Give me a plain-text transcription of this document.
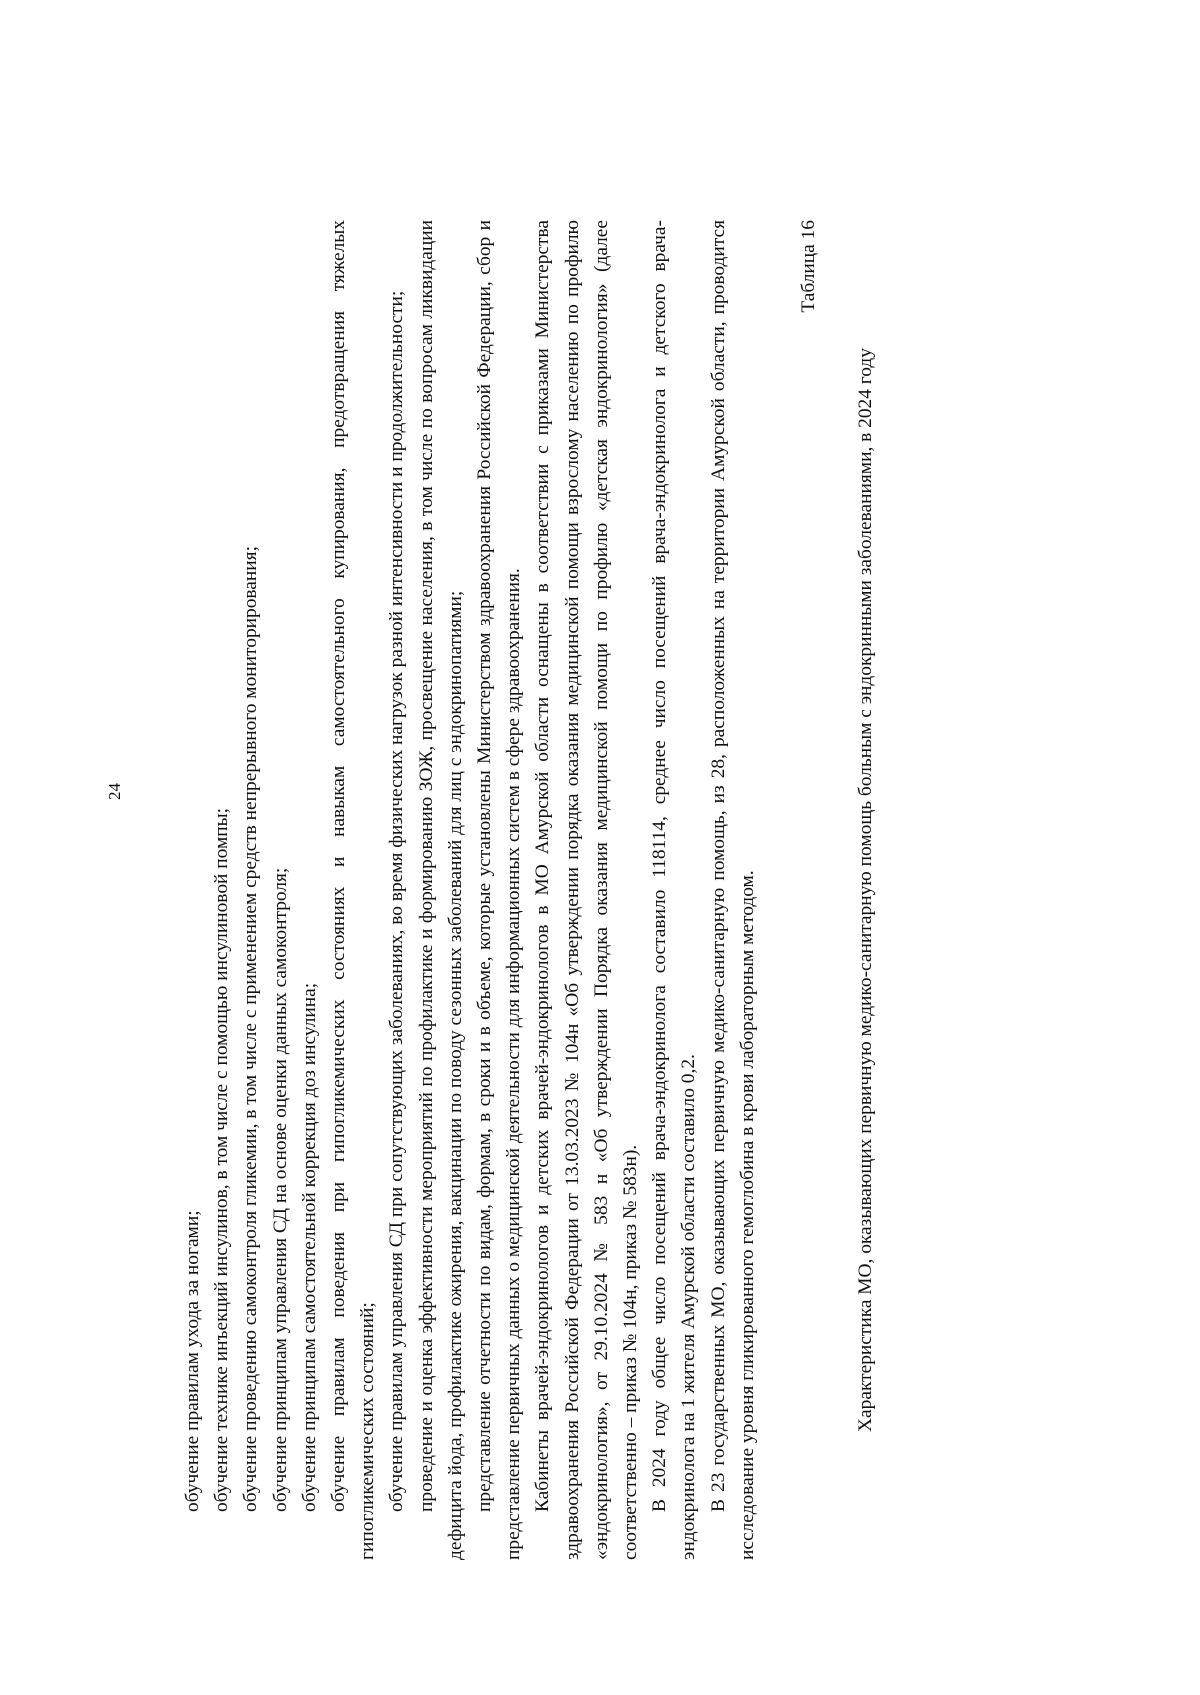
24

обучение правилам ухода за ногами; обучение технике инъекций инсулинов, в том числе с помощью инсулиновой помпы; обучение проведению самоконтроля гликемии, в том числе с применением средств непрерывного мониторирования; обучение принципам управления СД на основе оценки данных самоконтроля; обучение принципам самостоятельной коррекция доз инсулина; обучение правилам поведения при гипогликемических состояниях и навыкам самостоятельного купирования, предотвращения тяжелых гипогликемических состояний; обучение правилам управления СД при сопутствующих заболеваниях, во время физических нагрузок разной интенсивности и продолжительности; проведение и оценка эффективности мероприятий по профилактике и формированию ЗОЖ, просвещение населения, в том числе по вопросам ликвидации дефицита йода, профилактике ожирения, вакцинации по поводу сезонных заболеваний для лиц с эндокринопатиями; представление отчетности по видам, формам, в сроки и в объеме, которые установлены Министерством здравоохранения Российской Федерации, сбор и представление первичных данных о медицинской деятельности для информационных систем в сфере здравоохранения. Кабинеты врачей-эндокринологов и детских врачей-эндокринологов в МО Амурской области оснащены в соответствии с приказами Министерства здравоохранения Российской Федерации от 13.03.2023 № 104н «Об утверждении порядка оказания медицинской помощи взрослому населению по профилю «эндокринология», от 29.10.2024 № 583 н «Об утверждении Порядка оказания медицинской помощи по профилю «детская эндокринология» (далее соответственно – приказ № 104н, приказ № 583н). В 2024 году общее число посещений врача-эндокринолога составило 118114, среднее число посещений врача-эндокринолога и детского врача-эндокринолога на 1 жителя Амурской области составило 0,2. В 23 государственных МО, оказывающих первичную медико-санитарную помощь, из 28, расположенных на территории Амурской области, проводится исследование уровня гликированного гемоглобина в крови лабораторным методом.

Таблица 16
Характеристика МО, оказывающих первичную медико-санитарную помощь больным с эндокринными заболеваниями, в 2024 году
